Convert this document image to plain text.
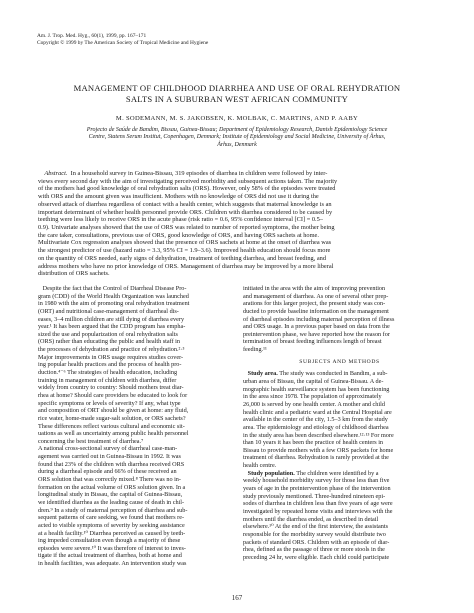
Am. J. Trop. Med. Hyg., 60(1), 1999, pp. 167–171
Copyright © 1999 by The American Society of Tropical Medicine and Hygiene
MANAGEMENT OF CHILDHOOD DIARRHEA AND USE OF ORAL REHYDRATION
SALTS IN A SUBURBAN WEST AFRICAN COMMUNITY
M. SODEMANN, M. S. JAKOBSEN, K. MOLBAK, C. MARTINS, AND P. AABY
Projecto de Saúde de Bandim, Bissau, Guinea-Bissau; Department of Epidemiology Research, Danish Epidemiology Science
Centre, Statens Serum Institut, Copenhagen, Denmark; Institute of Epidemiology and Social Medicine, University of Århus,
Århus, Denmark
Abstract. In a household survey in Guinea-Bissau, 319 episodes of diarrhea in children were followed by inter-
views every second day with the aim of investigating perceived morbidity and subsequent actions taken. The majority
of the mothers had good knowledge of oral rehydration salts (ORS). However, only 58% of the episodes were treated
with ORS and the amount given was insufficient. Mothers with no knowledge of ORS did not use it during the
observed attack of diarrhea regardless of contact with a health center, which suggests that maternal knowledge is an
important determinant of whether health personnel provide ORS. Children with diarrhea considered to be caused by
teething were less likely to receive ORS in the acute phase (risk ratio = 0.6, 95% confidence interval [CI] = 0.5–
0.9). Univariate analyses showed that the use of ORS was related to number of reported symptoms, the mother being
the care taker, consultations, previous use of ORS, good knowledge of ORS, and having ORS sachets at home.
Multivariate Cox regression analyses showed that the presence of ORS sachets at home at the onset of diarrhea was
the strongest predictor of use (hazard ratio = 3.3, 95% CI = 1.9–3.6). Improved health education should focus more
on the quantity of ORS needed, early signs of dehydration, treatment of teething diarrhea, and breast feeding, and
address mothers who have no prior knowledge of ORS. Management of diarrhea may be improved by a more liberal
distribution of ORS sachets.
Despite the fact that the Control of Diarrheal Disease Pro-
gram (CDD) of the World Health Organization was launched
in 1980 with the aim of promoting oral rehydration treatment
(ORT) and nutritional case-management of diarrheal dis-
eases, 3–4 million children are still dying of diarrhea every
year.¹ It has been argued that the CDD program has empha-
sized the use and popularization of oral rehydration salts
(ORS) rather than educating the public and health staff in
the processes of dehydration and practice of rehydration.²·³
Major improvements in ORS usage requires studies cover-
ing popular health practices and the process of health pro-
duction.⁴⁻⁶ The strategies of health education, including
training in management of children with diarrhea, differ
widely from country to country: Should mothers treat diar-
rhea at home? Should care providers be educated to look for
specific symptoms or levels of severity? If any, what type
and composition of ORT should be given at home: any fluid,
rice water, home-made sugar-salt solution, or ORS sachets?
These differences reflect various cultural and economic sit-
uations as well as uncertainty among public health personnel
concerning the best treatment of diarrhea.⁷
A national cross-sectional survey of diarrheal case-man-
agement was carried out in Guinea-Bissau in 1992. It was
found that 23% of the children with diarrhea received ORS
during a diarrheal episode and 66% of these received an
ORS solution that was correctly mixed.⁸ There was no in-
formation on the actual volume of ORS solution given. In a
longitudinal study in Bissau, the capital of Guinea-Bissau,
we identified diarrhea as the leading cause of death in chil-
dren.⁹ In a study of maternal perception of diarrhea and sub-
sequent patterns of care seeking, we found that mothers re-
acted to visible symptoms of severity by seeking assistance
at a health facility.¹⁰ Diarrhea perceived as caused by teeth-
ing impeded consultation even though a majority of these
episodes were severe.¹⁰ It was therefore of interest to inves-
tigate if the actual treatment of diarrhea, both at home and
in health facilities, was adequate. An intervention study was
initiated in the area with the aim of improving prevention
and management of diarrhea. As one of several other prep-
arations for this larger project, the present study was con-
ducted to provide baseline information on the management
of diarrheal episodes including maternal perception of illness
and ORS usage. In a previous paper based on data from the
preintervention phase, we have reported how the reason for
termination of breast feeding influences length of breast
feeding.¹¹
SUBJECTS AND METHODS
Study area. The study was conducted in Bandim, a sub-
urban area of Bissau, the capital of Guinea-Bissau. A de-
mographic health surveillance system has been functioning
in the area since 1978. The population of approximately
26,000 is served by one health center. A mother and child
health clinic and a pediatric ward at the Central Hospital are
available in the center of the city, 1.5–3 km from the study
area. The epidemiology and etiology of childhood diarrhea
in the study area has been described elsewhere.¹²·¹³ For more
than 10 years it has been the practice of health centers in
Bissau to provide mothers with a few ORS packets for home
treatment of diarrhea. Rehydration is rarely provided at the
health centre.
Study population. The children were identified by a
weekly household morbidity survey for those less than five
years of age in the preintervention phase of the intervention
study previously mentioned. Three-hundred nineteen epi-
sodes of diarrhea in children less than five years of age were
investigated by repeated home visits and interviews with the
mothers until the diarrhea ended, as described in detail
elsewhere.¹⁰ At the end of the first interview, the assistants
responsible for the morbidity survey would distribute two
packets of standard ORS. Children with an episode of diar-
rhea, defined as the passage of three or more stools in the
preceding 24 hr, were eligible. Each child could participate
167
